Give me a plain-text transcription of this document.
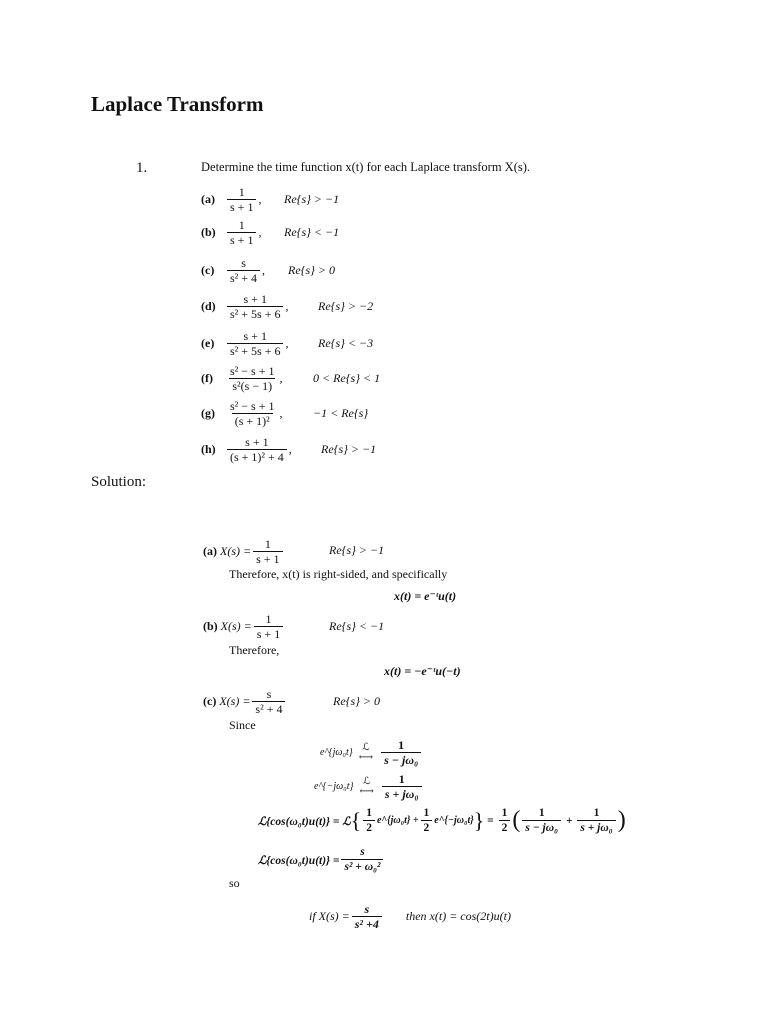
Laplace Transform
1.	Determine the time function x(t) for each Laplace transform X(s).
(a)	$\frac{1}{s + 1}$ , Re{s} > −1
$(b) \frac{1}{s + 1}$ , Re{s} < −1
(c)	$\frac{s}{\text{s² + 4}}$ , Re{s} > 0
$(d) \frac{s + 1}{\text{s² + 5s + 6}}$ , Re{s} > −2
(e)	$\frac{s + 1}{\text{s² + 5s + 6}}$ , Re{s} < −3
(f)	$\frac{\text{s² − s + 1}}{\text{s²(s − 1)}}$ ,	0 < Re{s} < 1
(g)	$\frac{\text{s² − s + 1}}{\text{(s + 1)²}}$ ,	−1 < Re{s}
$(h) \frac{s + 1}{\text{(s + 1)² + 4}}$ , Re{s} > −1
Solution:
(a)
$X(s) = \frac{1}{s + 1}$	Re{s} > −1
Therefore, x(t) is right-sided, and specifically
x(t) = e⁻ᵗu(t)
(b)
$X(s) = \frac{1}{s + 1}$	Re{s} < −1
Therefore,
x(t) = −e⁻ᵗu(−t)
(c)
$X(s) = \frac{s}{\text{s² + 4}}$	Re{s} > 0
Since
e^{jω₀t} ℒ
⟷ $\frac{1}{\text{s − jω₀}}$
e^{−jω₀t} ℒ
⟷ $\frac{1}{\text{s + jω₀}}$
ℒ{cos(ω₀t)u(t)} = ℒ { $\frac{1}{2}$ e^{jω₀t} + $\frac{1}{2}$ e^{−jω₀t} }
=
$\frac{1}{2}$ ( $\frac{1}{\text{s − jω₀}} + \frac{1}{\text{s + jω₀}}$ )
ℒ{cos(ω₀t)u(t)} = $\frac{s}{\text{s² + ω₀²}}$
so
if $X(s) = \frac{s}{\text{s² +4}}$ then x(t) = cos(2t)u(t)
